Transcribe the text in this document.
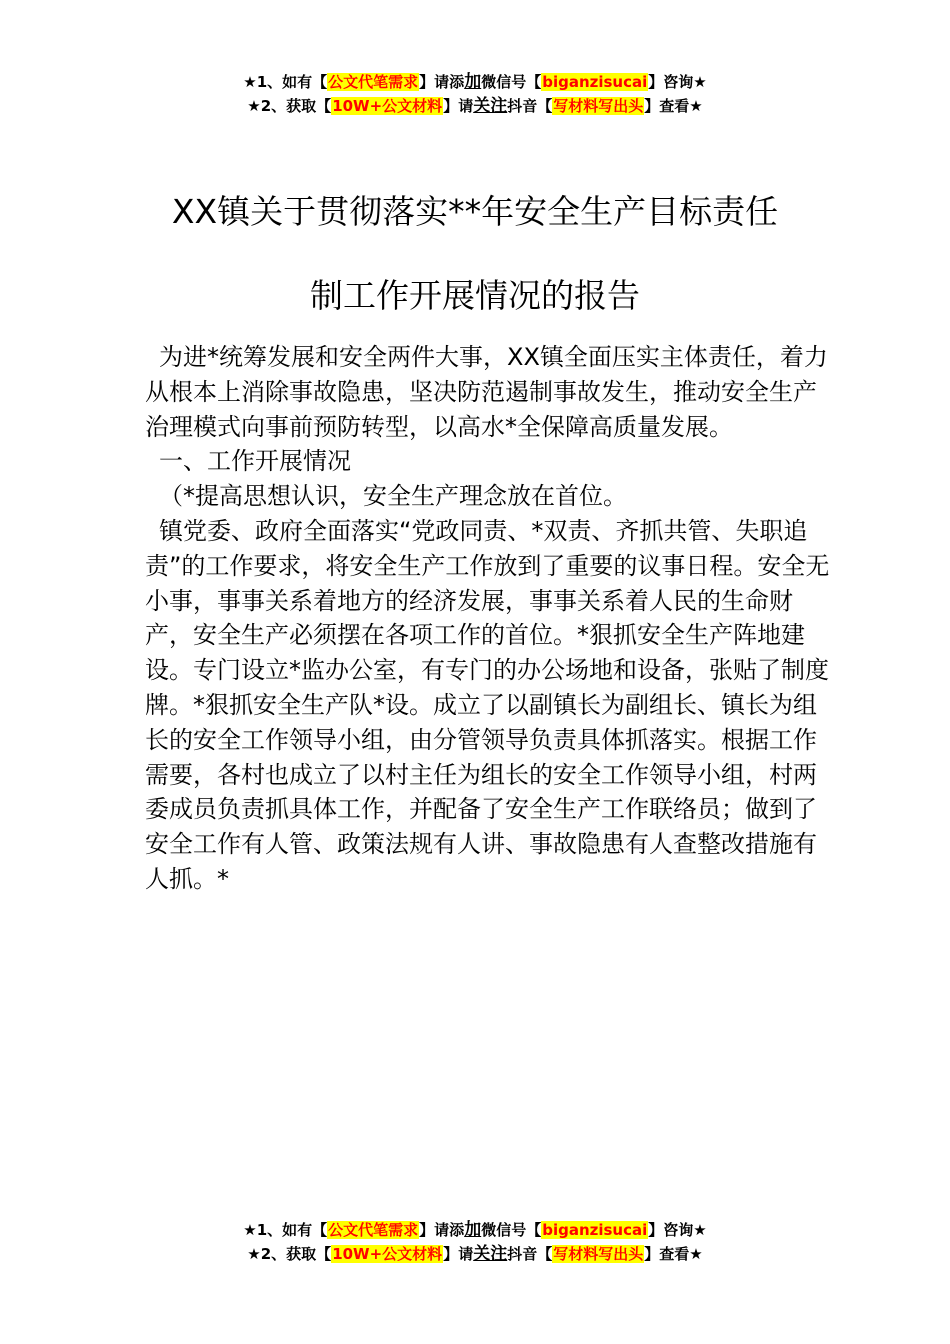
★1、如有【公文代笔需求】请添加微信号【biganzisucai】咨询★
★2、获取【10W+公文材料】请关注抖音【写材料写出头】查看★
XX镇关于贯彻落实**年安全生产目标责任
制工作开展情况的报告

为进*统筹发展和安全两件大事，XX镇全面压实主体责任，着力从根本上消除事故隐患，坚决防范遏制事故发生，推动安全生产治理模式向事前预防转型，以高水*全保障高质量发展。

一、工作开展情况

（*提高思想认识，安全生产理念放在首位。

镇党委、政府全面落实“党政同责、*双责、齐抓共管、失职追责”的工作要求，将安全生产工作放到了重要的议事日程。安全无小事，事事关系着地方的经济发展，事事关系着人民的生命财产，安全生产必须摆在各项工作的首位。*狠抓安全生产阵地建设。专门设立*监办公室，有专门的办公场地和设备，张贴了制度牌。*狠抓安全生产队*设。成立了以副镇长为副组长、镇长为组长的安全工作领导小组，由分管领导负责具体抓落实。根据工作需要，各村也成立了以村主任为组长的安全工作领导小组，村两委成员负责抓具体工作，并配备了安全生产工作联络员；做到了安全工作有人管、政策法规有人讲、事故隐患有人查整改措施有人抓。*

★1、如有【公文代笔需求】请添加微信号【biganzisucai】咨询★
★2、获取【10W+公文材料】请关注抖音【写材料写出头】查看★
